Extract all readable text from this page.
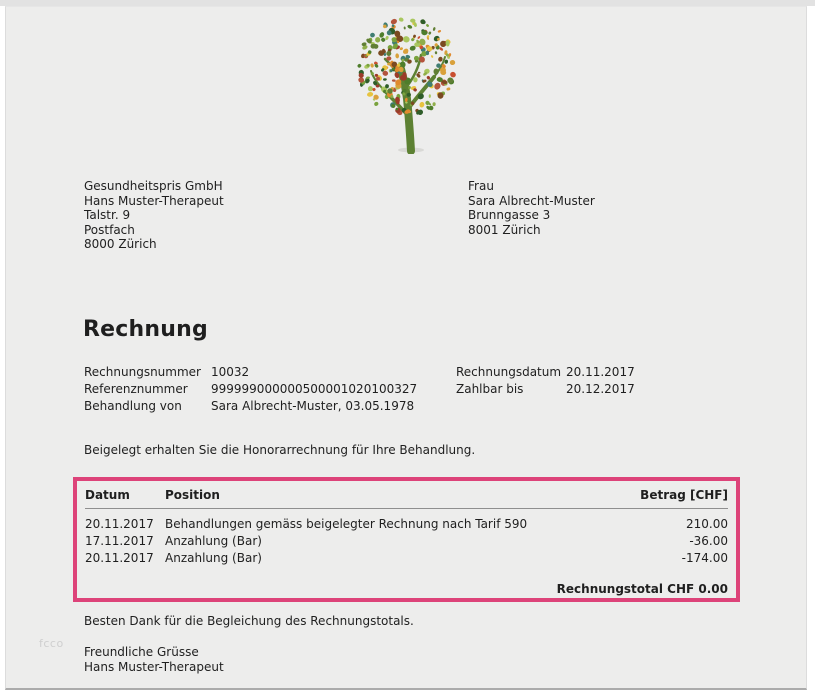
Gesundheitspris GmbH
Hans Muster-Therapeut
Talstr. 9
Postfach
8000 Zürich
Frau
Sara Albrecht-Muster
Brunngasse 3
8001 Zürich
Rechnung
Rechnungsnummer 10032
Referenznummer	999999000000500001020100327
Behandlung von	Sara Albrecht-Muster, 03.05.1978
Rechnungsdatum 20.11.2017
Zahlbar bis	20.12.2017
Beigelegt erhalten Sie die Honorarrechnung für Ihre Behandlung.
Datum	Position	Betrag [CHF]
20.11.2017 Behandlungen gemäss beigelegter Rechnung nach Tarif 590	210.00
17.11.2017 Anzahlung (Bar)	-36.00
20.11.2017 Anzahlung (Bar)	-174.00
Rechnungstotal CHF 0.00
Besten Dank für die Begleichung des Rechnungstotals.
fcco
Freundliche Grüsse
Hans Muster-Therapeut
